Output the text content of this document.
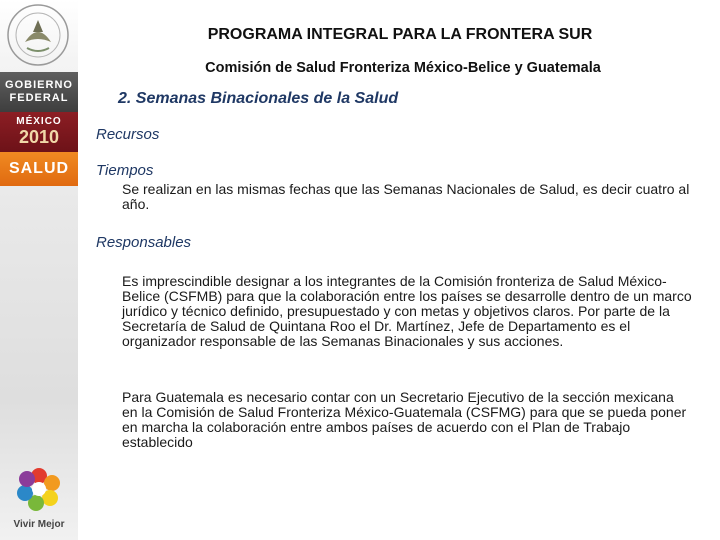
GOBIERNO
FEDERAL
MÉXICO
2010
SALUD
Vivir Mejor
PROGRAMA INTEGRAL PARA LA FRONTERA SUR
Comisión de Salud Fronteriza México-Belice y Guatemala
2. Semanas Binacionales de la Salud
Recursos
Tiempos
Se realizan en las mismas fechas que las Semanas Nacionales de Salud, es decir cuatro al año.
Responsables
Es imprescindible designar a los integrantes de la Comisión fronteriza de Salud México-Belice (CSFMB) para que la colaboración entre los países se desarrolle dentro de un marco jurídico y técnico definido, presupuestado y con metas y objetivos claros. Por parte de la Secretaría de Salud de Quintana Roo el Dr. Martínez, Jefe de Departamento es el organizador responsable de las Semanas Binacionales y sus acciones.
Para Guatemala es necesario contar con un Secretario Ejecutivo de la sección mexicana en la Comisión de Salud Fronteriza México-Guatemala (CSFMG) para que se pueda poner en marcha la colaboración entre ambos países de acuerdo con el Plan de Trabajo establecido
